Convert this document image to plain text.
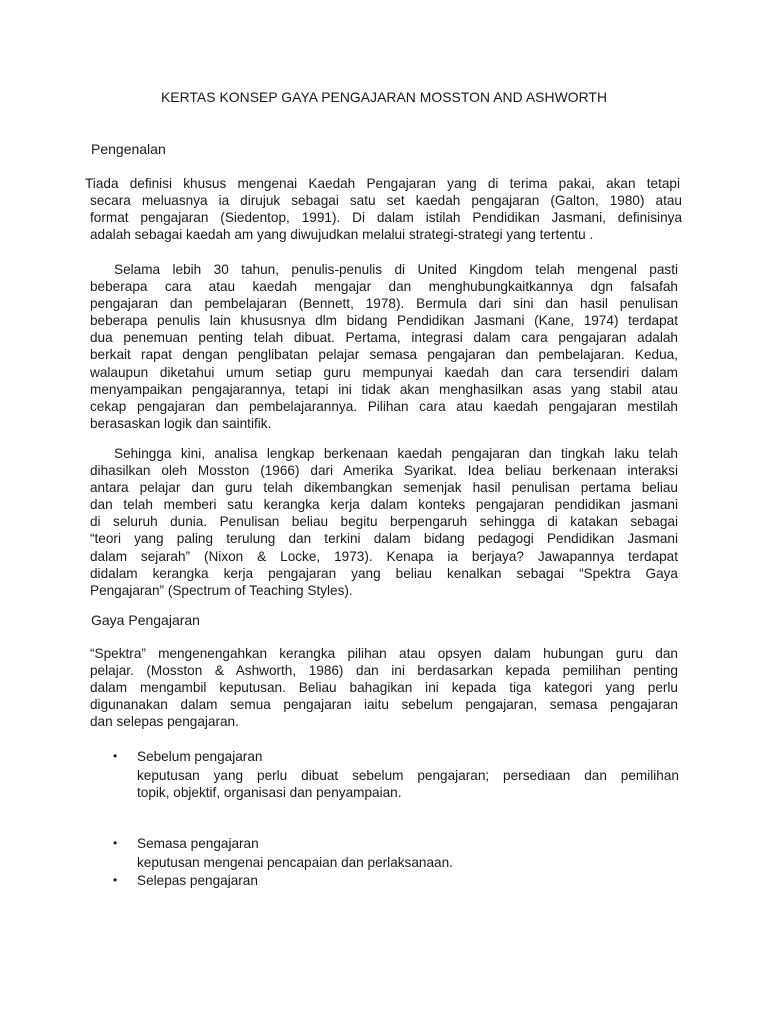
KERTAS KONSEP GAYA PENGAJARAN MOSSTON AND ASHWORTH
Pengenalan
Tiada definisi khusus mengenai Kaedah Pengajaran yang di terima pakai, akan tetapi
secara meluasnya ia dirujuk sebagai satu set kaedah pengajaran (Galton, 1980) atau
format pengajaran (Siedentop, 1991). Di dalam istilah Pendidikan Jasmani, definisinya
adalah sebagai kaedah am yang diwujudkan melalui strategi-strategi yang tertentu .
Selama lebih 30 tahun, penulis-penulis di United Kingdom telah mengenal pasti
beberapa cara atau kaedah mengajar dan menghubungkaitkannya dgn falsafah
pengajaran dan pembelajaran (Bennett, 1978). Bermula dari sini dan hasil penulisan
beberapa penulis lain khususnya dlm bidang Pendidikan Jasmani (Kane, 1974) terdapat
dua penemuan penting telah dibuat. Pertama, integrasi dalam cara pengajaran adalah
berkait rapat dengan penglibatan pelajar semasa pengajaran dan pembelajaran. Kedua,
walaupun diketahui umum setiap guru mempunyai kaedah dan cara tersendiri dalam
menyampaikan pengajarannya, tetapi ini tidak akan menghasilkan asas yang stabil atau
cekap pengajaran dan pembelajarannya. Pilihan cara atau kaedah pengajaran mestilah
berasaskan logik dan saintifik.
Sehingga kini, analisa lengkap berkenaan kaedah pengajaran dan tingkah laku telah
dihasilkan oleh Mosston (1966) dari Amerika Syarikat. Idea beliau berkenaan interaksi
antara pelajar dan guru telah dikembangkan semenjak hasil penulisan pertama beliau
dan telah memberi satu kerangka kerja dalam konteks pengajaran pendidikan jasmani
di seluruh dunia. Penulisan beliau begitu berpengaruh sehingga di katakan sebagai
“teori yang paling terulung dan terkini dalam bidang pedagogi Pendidikan Jasmani
dalam sejarah” (Nixon & Locke, 1973). Kenapa ia berjaya? Jawapannya terdapat
didalam kerangka kerja pengajaran yang beliau kenalkan sebagai “Spektra Gaya
Pengajaran” (Spectrum of Teaching Styles).
Gaya Pengajaran
“Spektra” mengenengahkan kerangka pilihan atau opsyen dalam hubungan guru dan
pelajar. (Mosston & Ashworth, 1986) dan ini berdasarkan kepada pemilihan penting
dalam mengambil keputusan. Beliau bahagikan ini kepada tiga kategori yang perlu
digunanakan dalam semua pengajaran iaitu sebelum pengajaran, semasa pengajaran
dan selepas pengajaran.
• Sebelum pengajaran
keputusan yang perlu dibuat sebelum pengajaran; persediaan dan pemilihan
topik, objektif, organisasi dan penyampaian.
• Semasa pengajaran
keputusan mengenai pencapaian dan perlaksanaan.
• Selepas pengajaran
